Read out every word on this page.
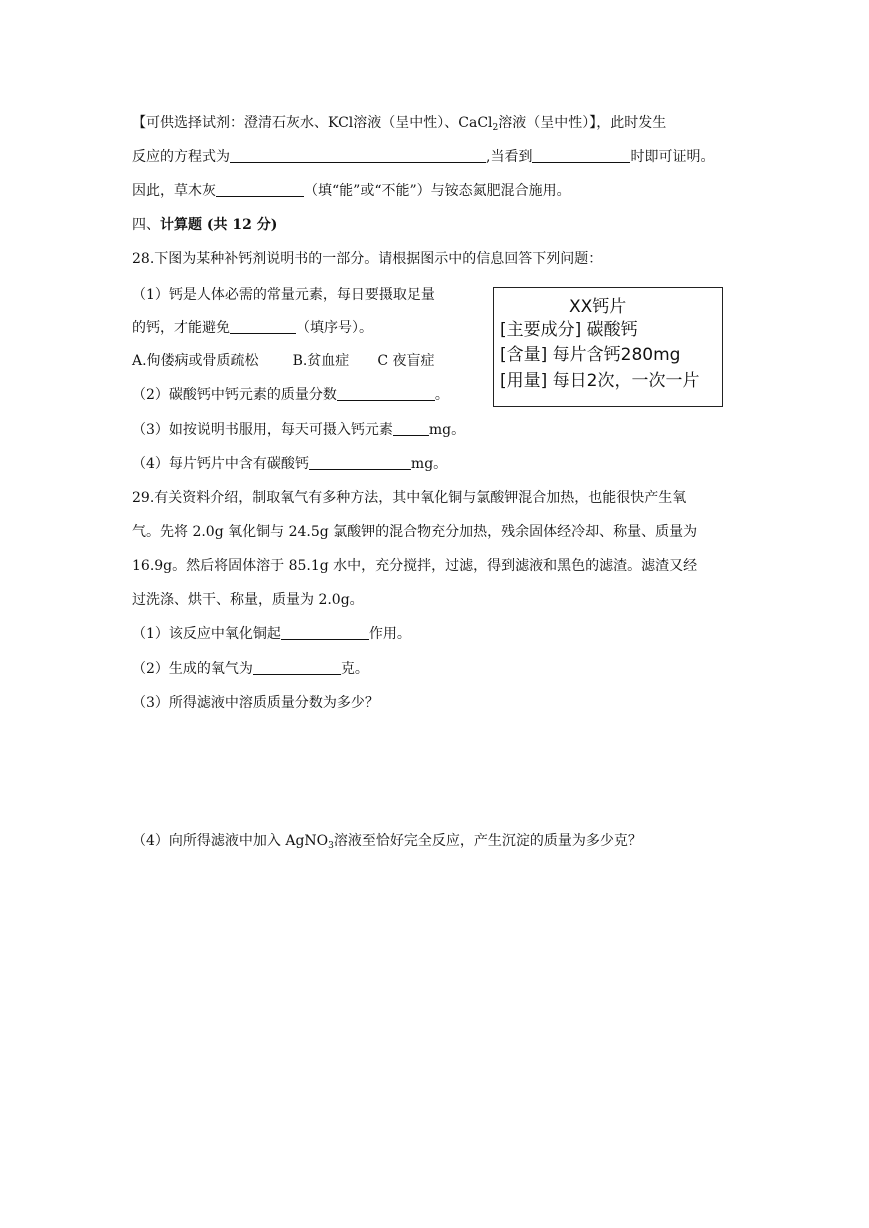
【可供选择试剂：澄清石灰水、KCl溶液（呈中性）、CaCl$_2$溶液（呈中性）】，此时发生
反应的方程式为	,当看到	时即可证明。
因此，草木灰	（填“能”或“不能”）与铵态氮肥混合施用。
四、计算题 (共 12 分)
28.下图为某种补钙剂说明书的一部分。请根据图示中的信息回答下列问题：
（1）钙是人体必需的常量元素，每日要摄取足量
的钙，才能避免	（填序号）。
A.佝偻病或骨质疏松 B.贫血症 C 夜盲症
（2）碳酸钙中钙元素的质量分数	。
（3）如按说明书服用，每天可摄入钙元素	mg。
（4）每片钙片中含有碳酸钙	mg。
XX钙片
[主要成分] 碳酸钙
[含量] 每片含钙280mg
[用量] 每日2次，一次一片
29.有关资料介绍，制取氧气有多种方法，其中氧化铜与氯酸钾混合加热，也能很快产生氧
气。先将 2.0g 氧化铜与 24.5g 氯酸钾的混合物充分加热，残余固体经冷却、称量、质量为
16.9g。然后将固体溶于 85.1g 水中，充分搅拌，过滤，得到滤液和黑色的滤渣。滤渣又经
过洗涤、烘干、称量，质量为 2.0g。
（1）该反应中氧化铜起	作用。
（2）生成的氧气为	克。
（3）所得滤液中溶质质量分数为多少？
（4）向所得滤液中加入 AgNO$_3$溶液至恰好完全反应，产生沉淀的质量为多少克？
